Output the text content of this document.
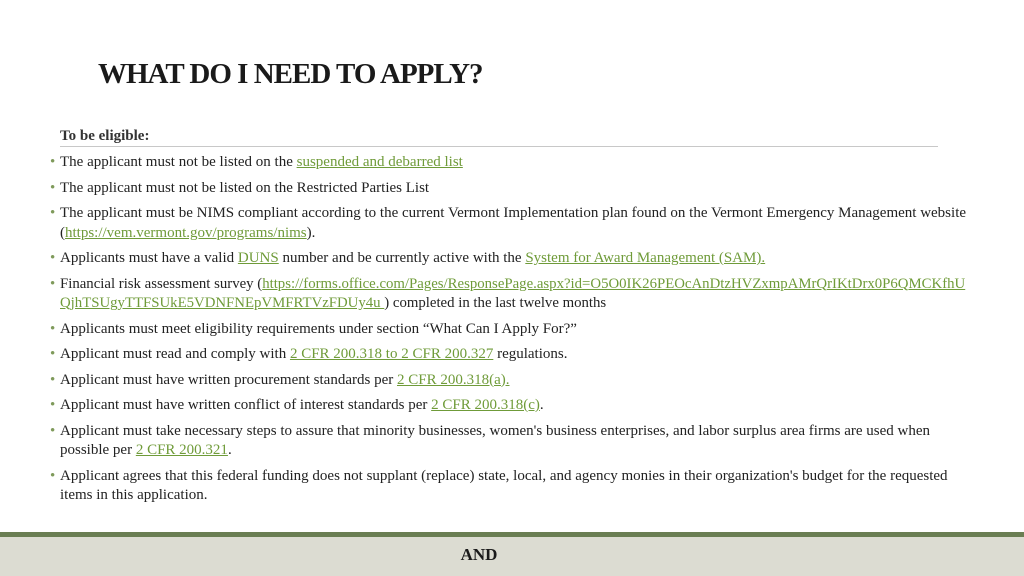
WHAT DO I NEED TO APPLY?
To be eligible:
• The applicant must not be listed on the suspended and debarred list
• The applicant must not be listed on the Restricted Parties List
• The applicant must be NIMS compliant according to the current Vermont Implementation plan found on the Vermont Emergency Management website (https://vem.vermont.gov/programs/nims).
• Applicants must have a valid DUNS number and be currently active with the System for Award Management (SAM).
• Financial risk assessment survey (https://forms.office.com/Pages/ResponsePage.aspx?id=O5O0IK26PEOcAnDtzHVZxmpAMrQrIKtDrx0P6QMCKfhUQjhTSUgyTTFSUkE5VDNFNEpVMFRTVzFDUy4u ) completed in the last twelve months
• Applicants must meet eligibility requirements under section “What Can I Apply For?”
• Applicant must read and comply with 2 CFR 200.318 to 2 CFR 200.327 regulations.
• Applicant must have written procurement standards per 2 CFR 200.318(a).
• Applicant must have written conflict of interest standards per 2 CFR 200.318(c).
• Applicant must take necessary steps to assure that minority businesses, women's business enterprises, and labor surplus area firms are used when possible per 2 CFR 200.321.
• Applicant agrees that this federal funding does not supplant (replace) state, local, and agency monies in their organization's budget for the requested items in this application.
AND
